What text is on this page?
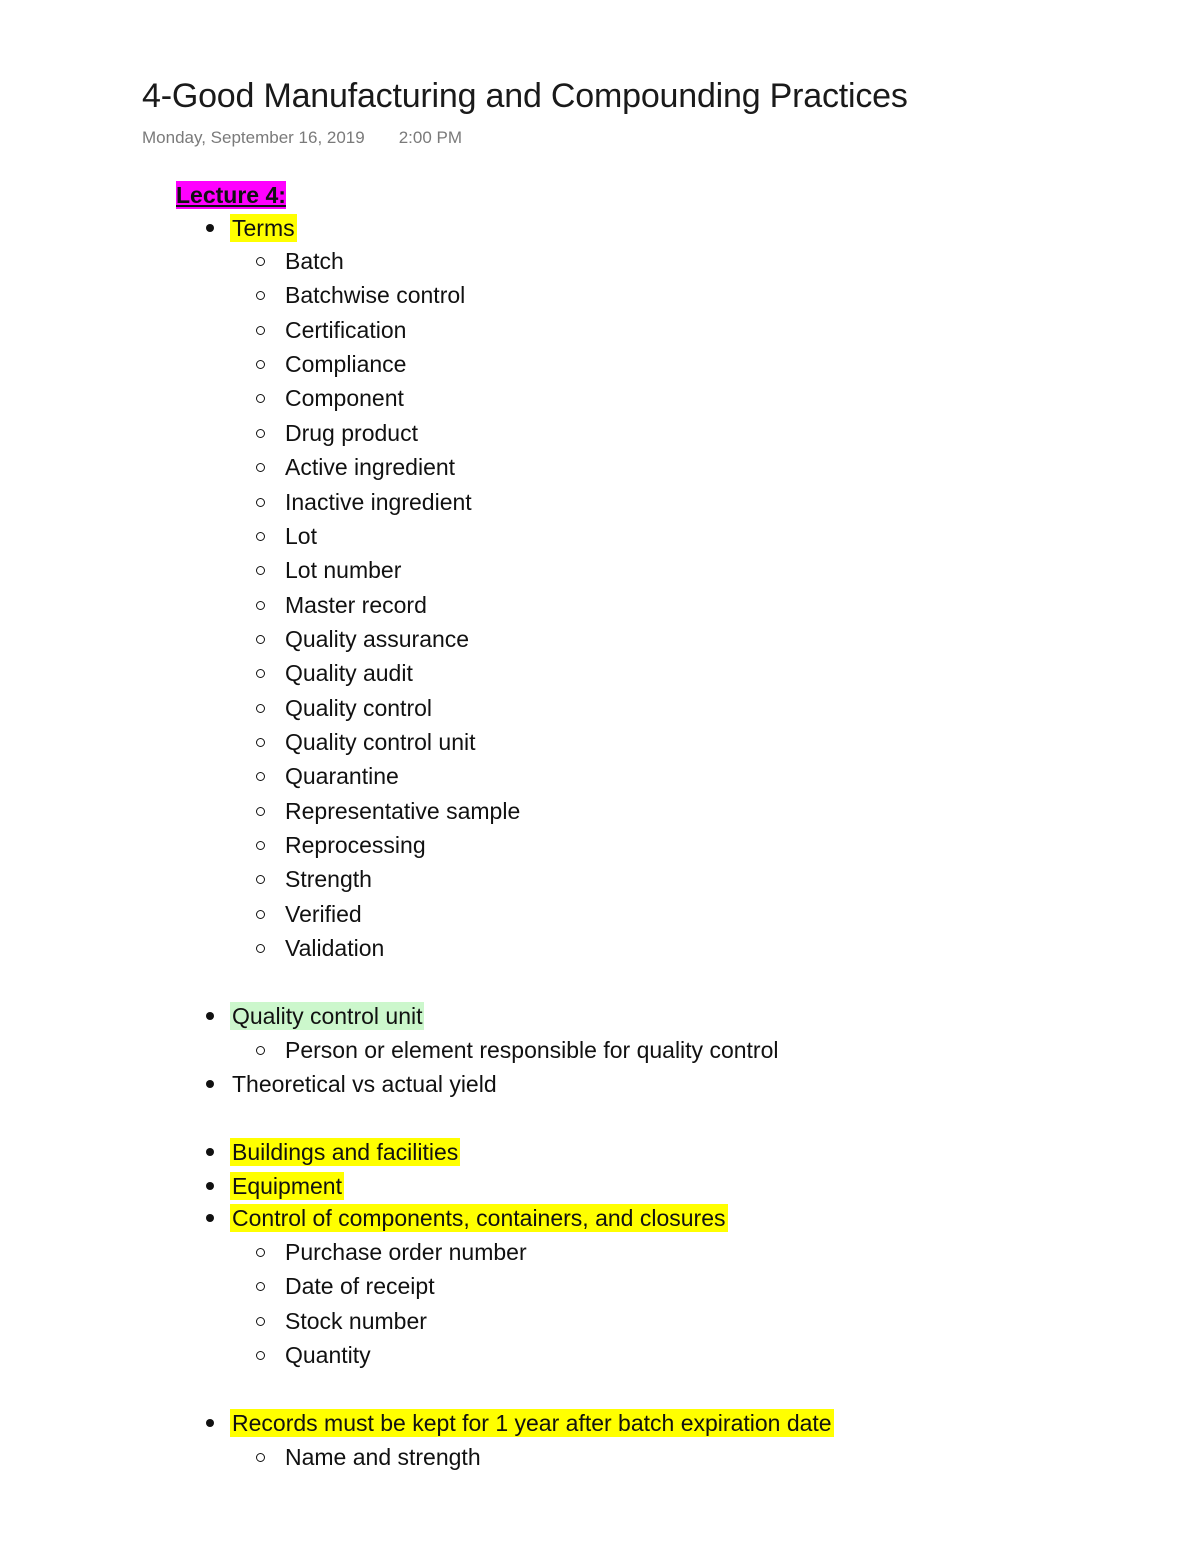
4-Good Manufacturing and Compounding Practices
Monday, September 16, 2019 2:00 PM
Lecture 4:
Terms
Batch
Batchwise control
Certification
Compliance
Component
Drug product
Active ingredient
Inactive ingredient
Lot
Lot number
Master record
Quality assurance
Quality audit
Quality control
Quality control unit
Quarantine
Representative sample
Reprocessing
Strength
Verified
Validation
Quality control unit
Person or element responsible for quality control
Theoretical vs actual yield
Buildings and facilities
Equipment
Control of components, containers, and closures
Purchase order number
Date of receipt
Stock number
Quantity
Records must be kept for 1 year after batch expiration date
Name and strength
